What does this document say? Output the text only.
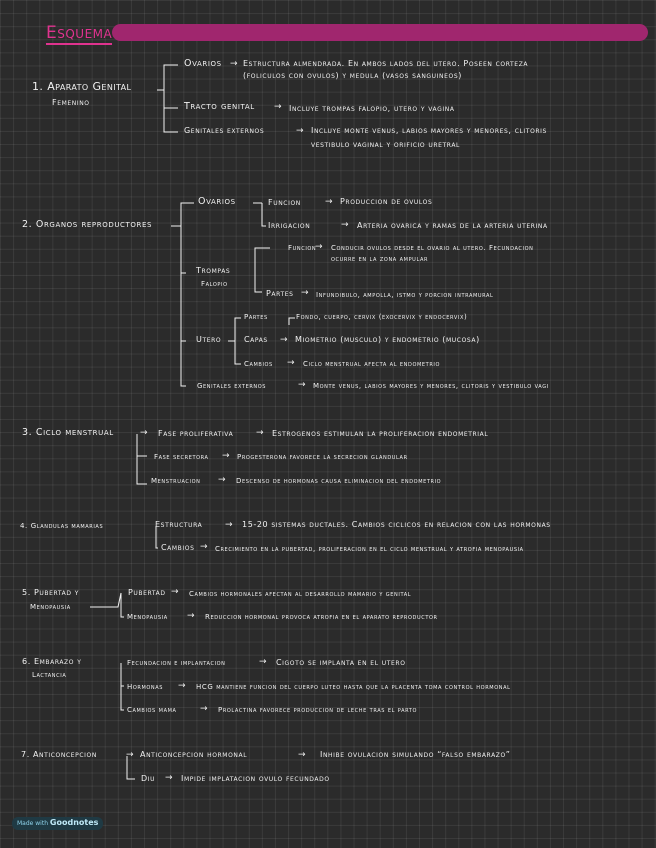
Esquema
1. Aparato Genital
Femenino
Ovarios → Estructura almendrada. En ambos lados del utero. Poseen corteza
(foliculos con ovulos) y medula (vasos sanguineos)
Tracto genital → Incluye trompas falopio, utero y vagina
Genitales externos	→ Incluye monte venus, labios mayores y menores, clitoris
vestibulo vaginal y orificio uretral
2. Organos reproductores
Ovarios	Funcion	→ Produccion de ovulos
Irrigacion	→ Arteria ovarica y ramas de la arteria uterina
Trompas
Falopio
Funcion
→ Conducir ovulos desde el ovario al utero. Fecundacion
ocurre en la zona ampular
Partes → Infundibulo, ampolla, istmo y porcion intramural
Utero
Partes	Fondo, cuerpo, cervix (exocervix y endocervix)
Capas → Miometrio (musculo) y endometrio (mucosa)
Cambios → Ciclo menstrual afecta al endometrio
Genitales externos	→ Monte venus, labios mayores y menores, clitoris y vestibulo vagi
3. Ciclo menstrual	→ Fase proliferativa	→ Estrogenos estimulan la proliferacion endometrial
Fase secretora → Progesterona favorece la secrecion glandular
Menstruacion → Descenso de hormonas causa eliminacion del endometrio
4. Glandulas mamarias	Estructura	→ 15-20 sistemas ductales. Cambios ciclicos en relacion con las hormonas
Cambios → Crecimiento en la pubertad, proliferacion en el ciclo menstrual y atrofia menopausia
5. Pubertad y
Menopausia
Pubertad → Cambios hormonales afectan al desarrollo mamario y genital
Menopausia → Reduccion hormonal provoca atrofia en el aparato reproductor
6. Embarazo y
Lactancia
Fecundacion e implantacion	→ Cigoto se implanta en el utero
Hormonas → HCG mantiene funcion del cuerpo luteo hasta que la placenta toma control hormonal
Cambios mama	→ Prolactina favorece produccion de leche tras el parto
7. Anticoncepcion	→ Anticoncepcion hormonal	→ Inhibe ovulacion simulando “falso embarazo”
Diu → Impide implatacion ovulo fecundado
Made with Goodnotes
